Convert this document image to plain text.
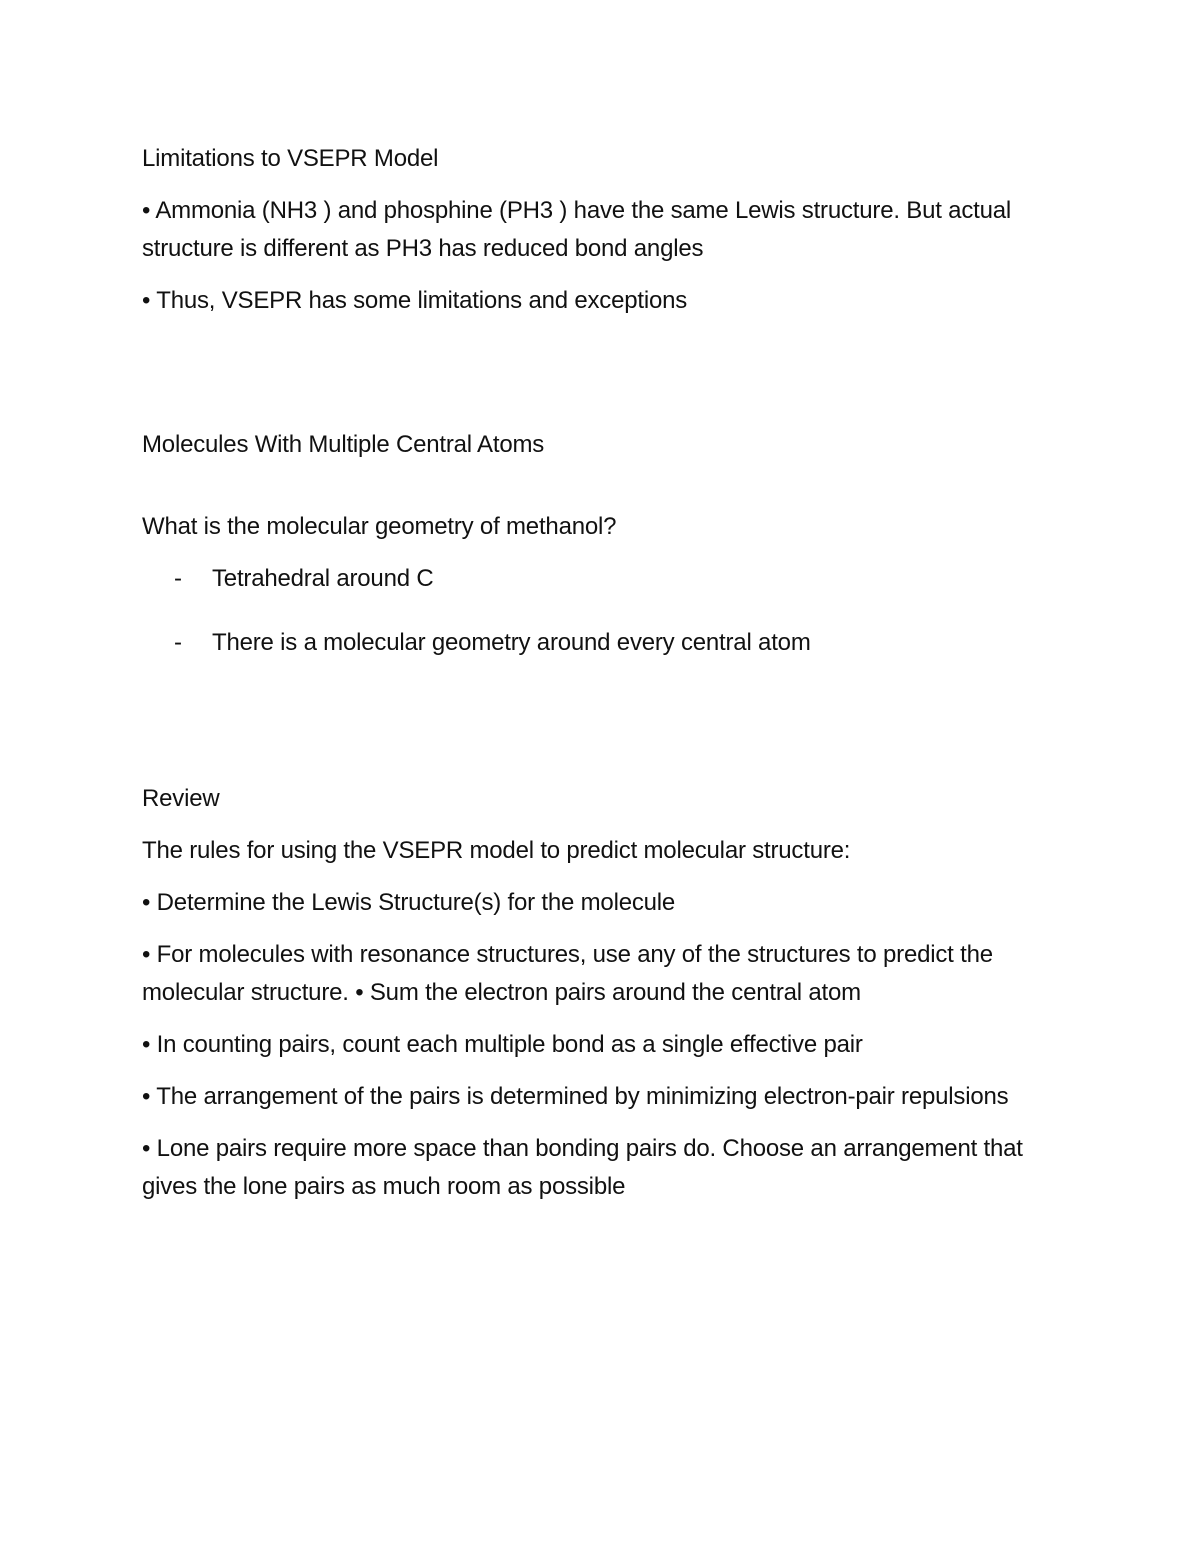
Limitations to VSEPR Model

• Ammonia (NH3 ) and phosphine (PH3 ) have the same Lewis structure. But actual structure is different as PH3 has reduced bond angles

• Thus, VSEPR has some limitations and exceptions

Molecules With Multiple Central Atoms

What is the molecular geometry of methanol?

- Tetrahedral around C
- There is a molecular geometry around every central atom

Review

The rules for using the VSEPR model to predict molecular structure:

• Determine the Lewis Structure(s) for the molecule

• For molecules with resonance structures, use any of the structures to predict the molecular structure. • Sum the electron pairs around the central atom

• In counting pairs, count each multiple bond as a single effective pair

• The arrangement of the pairs is determined by minimizing electron-pair repulsions

• Lone pairs require more space than bonding pairs do. Choose an arrangement that gives the lone pairs as much room as possible
